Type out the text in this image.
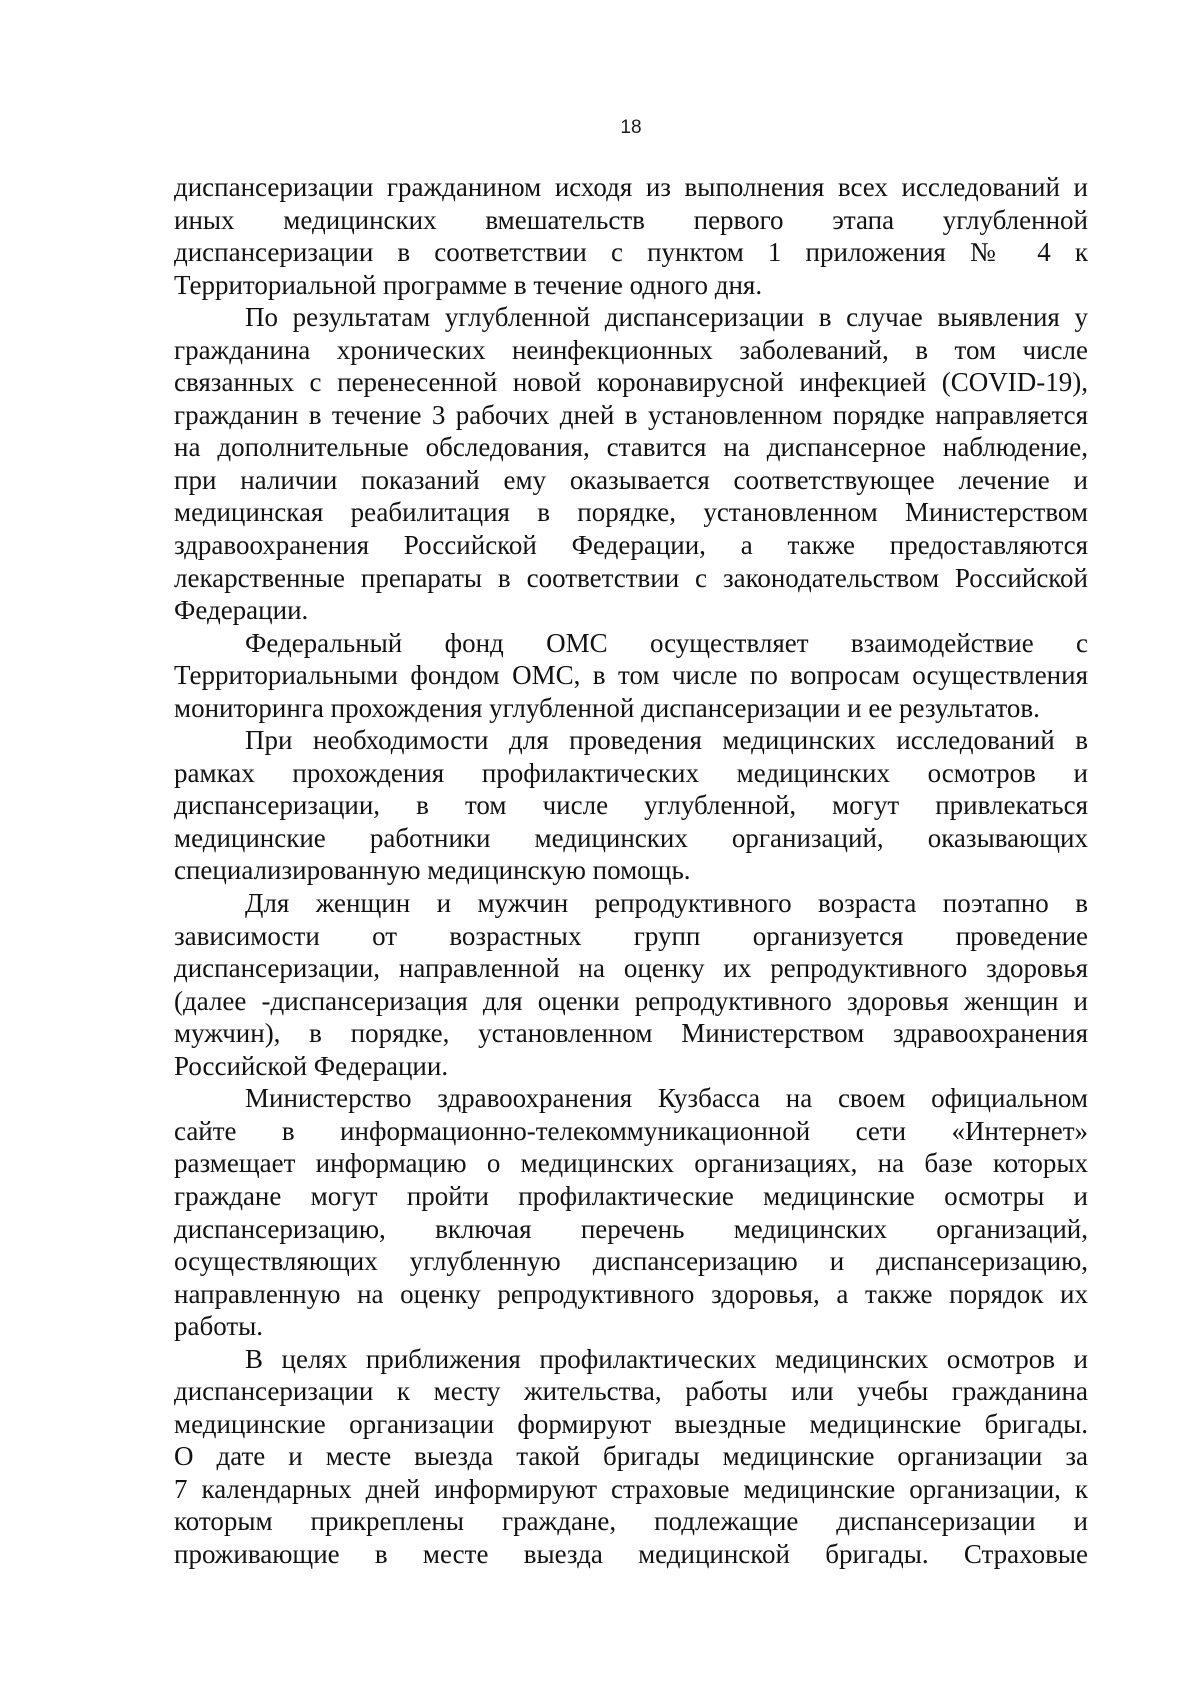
18
диспансеризации гражданином исходя из выполнения всех исследований и
иных медицинских вмешательств первого этапа углубленной
диспансеризации в соответствии с пунктом 1 приложения № 4 к
Территориальной программе в течение одного дня.
По результатам углубленной диспансеризации в случае выявления у
гражданина хронических неинфекционных заболеваний, в том числе
связанных с перенесенной новой коронавирусной инфекцией (COVID-19),
гражданин в течение 3 рабочих дней в установленном порядке направляется
на дополнительные обследования, ставится на диспансерное наблюдение,
при наличии показаний ему оказывается соответствующее лечение и
медицинская реабилитация в порядке, установленном Министерством
здравоохранения Российской Федерации, а также предоставляются
лекарственные препараты в соответствии с законодательством Российской
Федерации.
Федеральный фонд ОМС осуществляет взаимодействие с
Территориальными фондом ОМС, в том числе по вопросам осуществления
мониторинга прохождения углубленной диспансеризации и ее результатов.
При необходимости для проведения медицинских исследований в
рамках прохождения профилактических медицинских осмотров и
диспансеризации, в том числе углубленной, могут привлекаться
медицинские работники медицинских организаций, оказывающих
специализированную медицинскую помощь.
Для женщин и мужчин репродуктивного возраста поэтапно в
зависимости от возрастных групп организуется проведение
диспансеризации, направленной на оценку их репродуктивного здоровья
(далее -диспансеризация для оценки репродуктивного здоровья женщин и
мужчин), в порядке, установленном Министерством здравоохранения
Российской Федерации.
Министерство здравоохранения Кузбасса на своем официальном
сайте в информационно-телекоммуникационной сети «Интернет»
размещает информацию о медицинских организациях, на базе которых
граждане могут пройти профилактические медицинские осмотры и
диспансеризацию, включая перечень медицинских организаций,
осуществляющих углубленную диспансеризацию и диспансеризацию,
направленную на оценку репродуктивного здоровья, а также порядок их
работы.
В целях приближения профилактических медицинских осмотров и
диспансеризации к месту жительства, работы или учебы гражданина
медицинские организации формируют выездные медицинские бригады.
О дате и месте выезда такой бригады медицинские организации за
7 календарных дней информируют страховые медицинские организации, к
которым прикреплены граждане, подлежащие диспансеризации и
проживающие в месте выезда медицинской бригады. Страховые
